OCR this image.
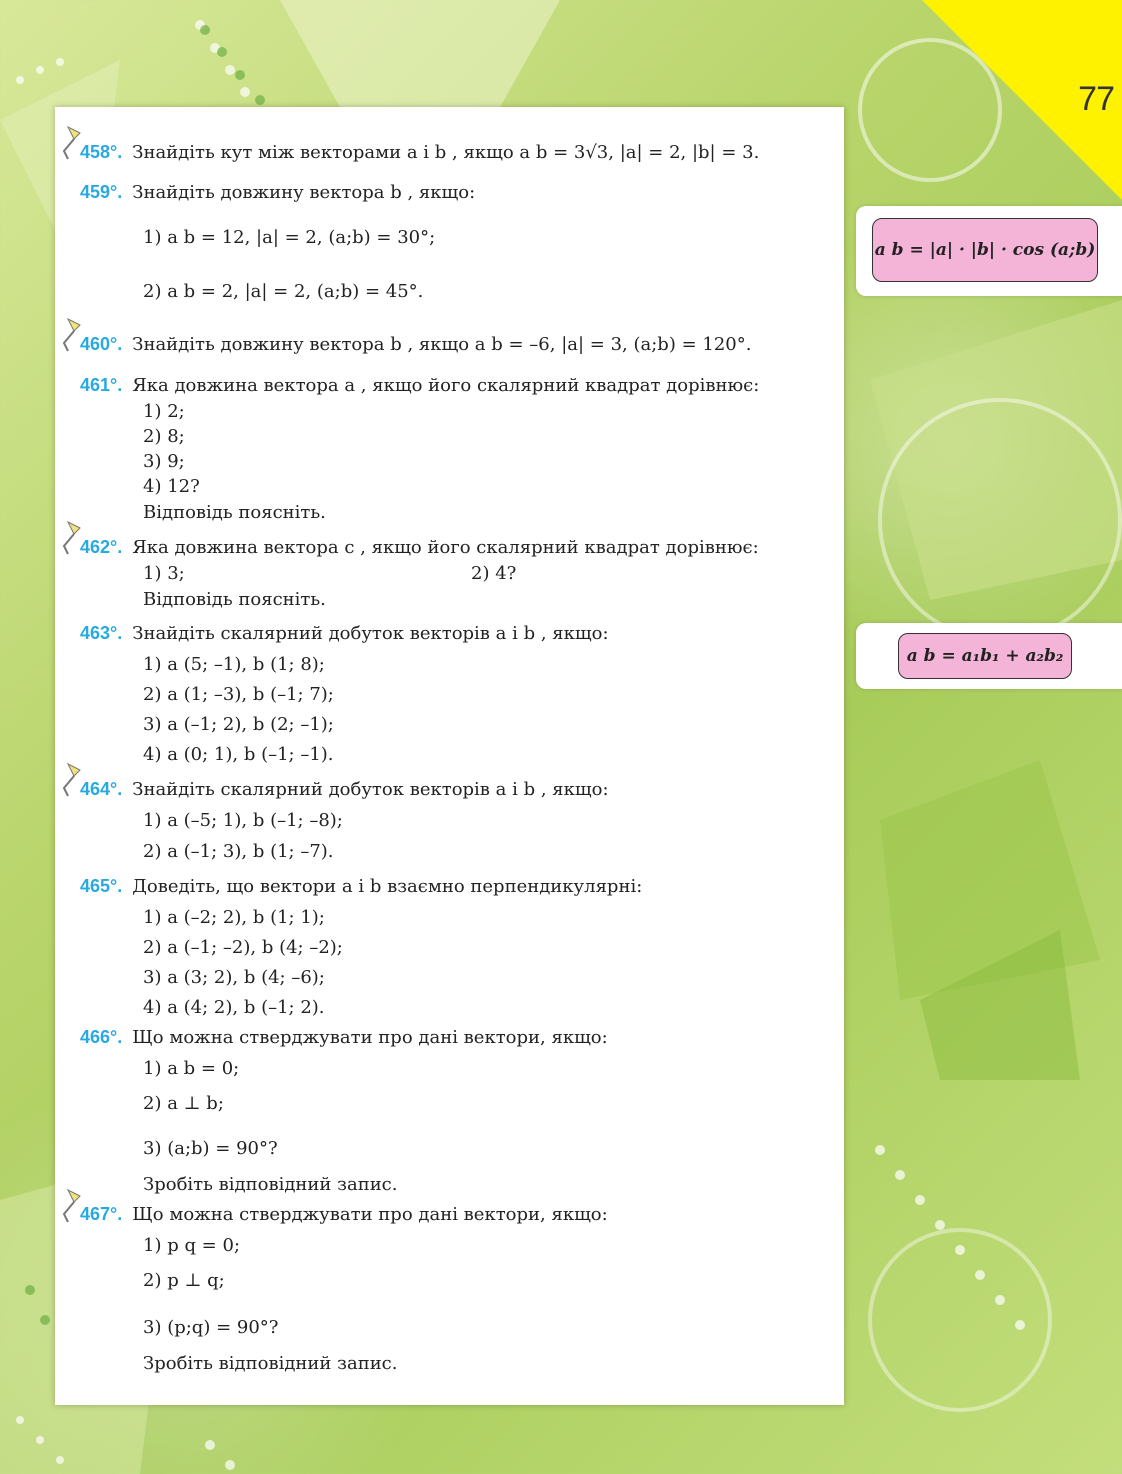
77
a b = |a| · |b| · cos (a;b)
a b = a₁b₁ + a₂b₂
458°. Знайдіть кут між векторами a і b , якщо a b = 3√3, |a| = 2, |b| = 3.
459°. Знайдіть довжину вектора b , якщо:
1) a b = 12, |a| = 2, (a;b) = 30°;
2) a b = 2, |a| = 2, (a;b) = 45°.
460°. Знайдіть довжину вектора b , якщо a b = –6, |a| = 3, (a;b) = 120°.
461°. Яка довжина вектора a , якщо його скалярний квадрат дорівнює:
1) 2;
2) 8;
3) 9;
4) 12?
Відповідь поясніть.
462°. Яка довжина вектора c , якщо його скалярний квадрат дорівнює:
1) 3;	2) 4?
Відповідь поясніть.
463°. Знайдіть скалярний добуток векторів a і b , якщо:
1) a (5; –1), b (1; 8);
2) a (1; –3), b (–1; 7);
3) a (–1; 2), b (2; –1);
4) a (0; 1), b (–1; –1).
464°. Знайдіть скалярний добуток векторів a і b , якщо:
1) a (–5; 1), b (–1; –8);
2) a (–1; 3), b (1; –7).
465°. Доведіть, що вектори a і b взаємно перпендикулярні:
1) a (–2; 2), b (1; 1);
2) a (–1; –2), b (4; –2);
3) a (3; 2), b (4; –6);
4) a (4; 2), b (–1; 2).
466°. Що можна стверджувати про дані вектори, якщо:
1) a b = 0;
2) a ⊥ b;
3) (a;b) = 90°?
Зробіть відповідний запис.
467°. Що можна стверджувати про дані вектори, якщо:
1) p q = 0;
2) p ⊥ q;
3) (p;q) = 90°?
Зробіть відповідний запис.
